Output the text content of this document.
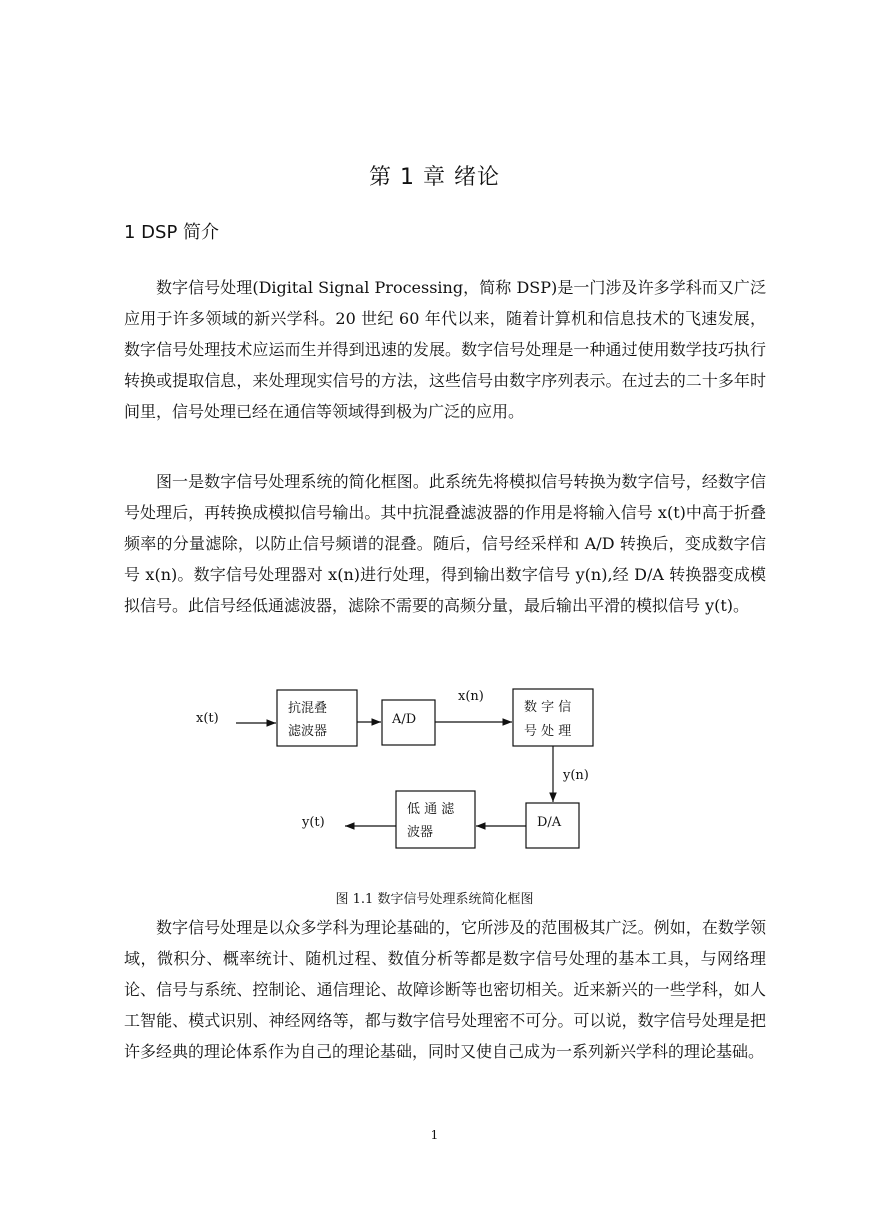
第 1 章 绪论
1 DSP 简介

数字信号处理(Digital Signal Processing，简称 DSP)是一门涉及许多学科而又广泛应用于许多领域的新兴学科。20 世纪 60 年代以来，随着计算机和信息技术的飞速发展，数字信号处理技术应运而生并得到迅速的发展。数字信号处理是一种通过使用数学技巧执行转换或提取信息，来处理现实信号的方法，这些信号由数字序列表示。在过去的二十多年时间里，信号处理已经在通信等领域得到极为广泛的应用。

图一是数字信号处理系统的简化框图。此系统先将模拟信号转换为数字信号，经数字信号处理后，再转换成模拟信号输出。其中抗混叠滤波器的作用是将输入信号 x(t)中高于折叠频率的分量滤除，以防止信号频谱的混叠。随后，信号经采样和 A/D 转换后，变成数字信号 x(n)。数字信号处理器对 x(n)进行处理，得到输出数字信号 y(n),经 D/A 转换器变成模拟信号。此信号经低通滤波器，滤除不需要的高频分量，最后输出平滑的模拟信号 y(t)。

x(t)
抗混叠
滤波器
A/D
x(n)
数 字 信
号 处 理
y(n)
D/A
低 通 滤
波器
y(t)
图 1.1 数字信号处理系统简化框图

数字信号处理是以众多学科为理论基础的，它所涉及的范围极其广泛。例如，在数学领域，微积分、概率统计、随机过程、数值分析等都是数字信号处理的基本工具，与网络理论、信号与系统、控制论、通信理论、故障诊断等也密切相关。近来新兴的一些学科，如人工智能、模式识别、神经网络等，都与数字信号处理密不可分。可以说，数字信号处理是把许多经典的理论体系作为自己的理论基础，同时又使自己成为一系列新兴学科的理论基础。

1
